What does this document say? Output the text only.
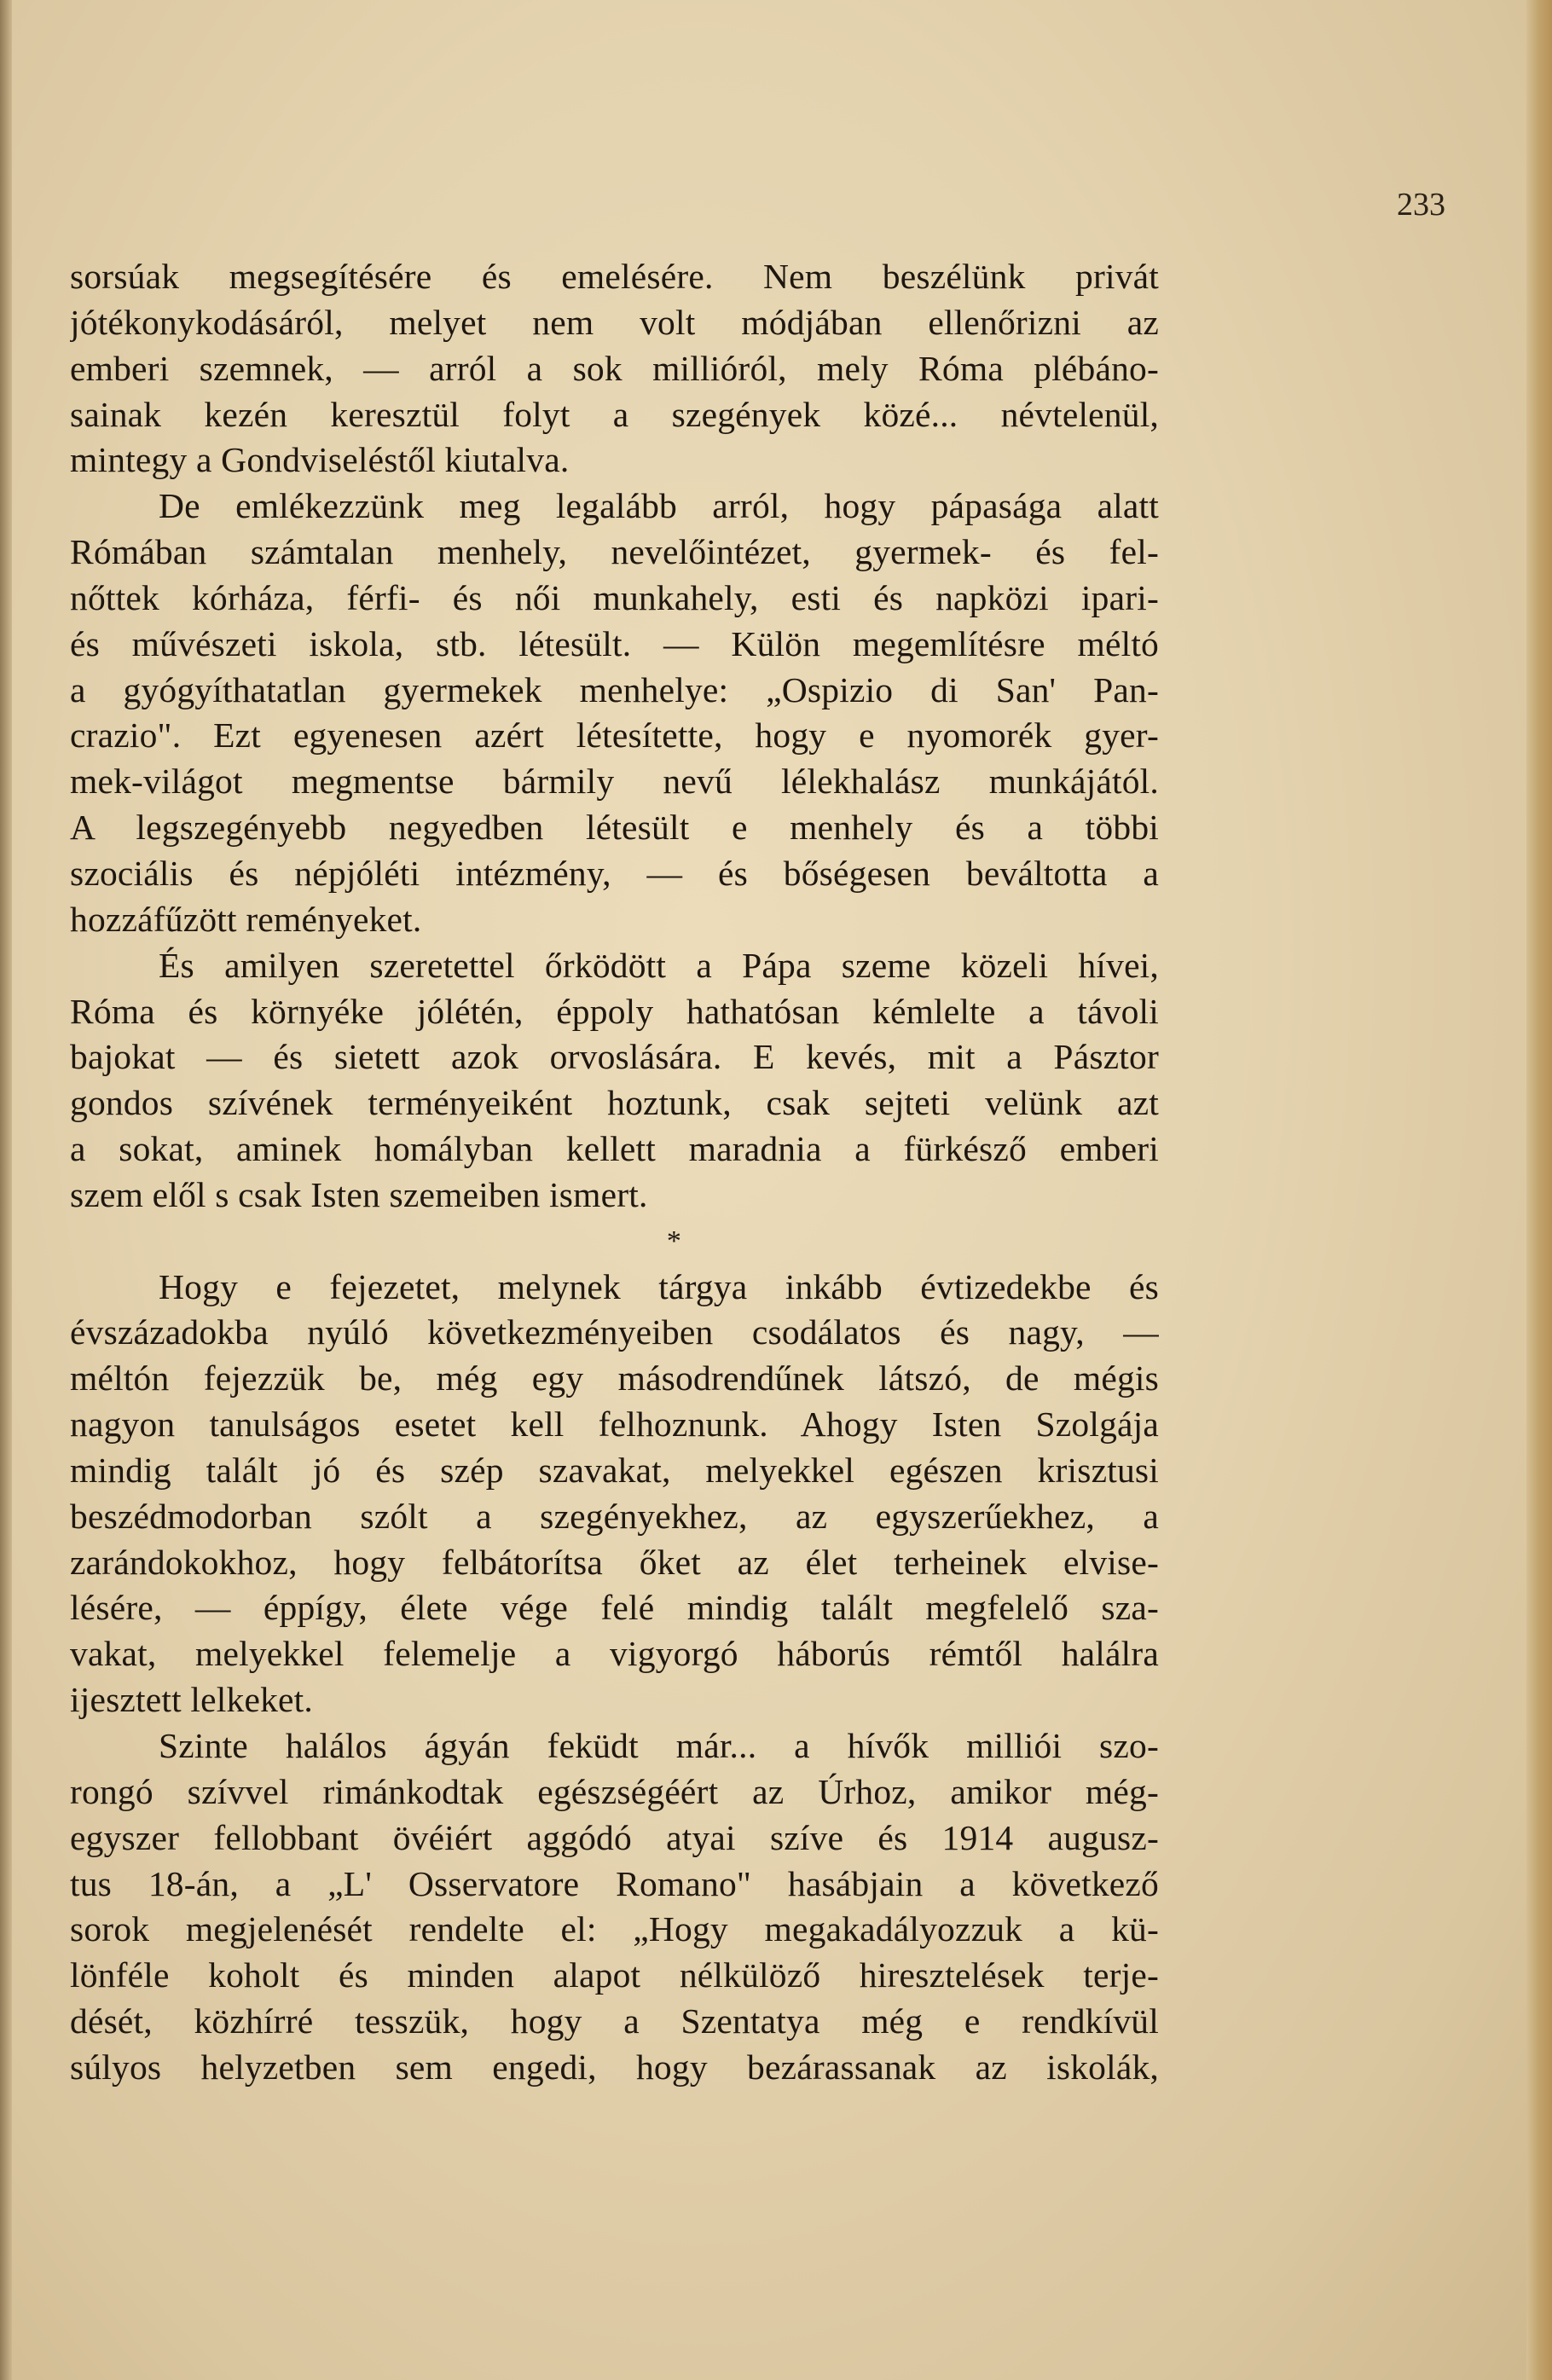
233
sorsúak megsegítésére és emelésére. Nem beszélünk privát
jótékonykodásáról, melyet nem volt módjában ellenőrizni az
emberi szemnek, — arról a sok millióról, mely Róma plébáno-
sainak kezén keresztül folyt a szegények közé... névtelenül,
mintegy a Gondviseléstől kiutalva.
De emlékezzünk meg legalább arról, hogy pápasága alatt
Rómában számtalan menhely, nevelőintézet, gyermek- és fel-
nőttek kórháza, férfi- és női munkahely, esti és napközi ipari-
és művészeti iskola, stb. létesült. — Külön megemlítésre méltó
a gyógyíthatatlan gyermekek menhelye: „Ospizio di San' Pan-
crazio". Ezt egyenesen azért létesítette, hogy e nyomorék gyer-
mek-világot megmentse bármily nevű lélekhalász munkájától.
A legszegényebb negyedben létesült e menhely és a többi
szociális és népjóléti intézmény, — és bőségesen beváltotta a
hozzáfűzött reményeket.
És amilyen szeretettel őrködött a Pápa szeme közeli hívei,
Róma és környéke jólétén, éppoly hathatósan kémlelte a távoli
bajokat — és sietett azok orvoslására. E kevés, mit a Pásztor
gondos szívének terményeiként hoztunk, csak sejteti velünk azt
a sokat, aminek homályban kellett maradnia a fürkésző emberi
szem elől s csak Isten szemeiben ismert.
*
Hogy e fejezetet, melynek tárgya inkább évtizedekbe és
évszázadokba nyúló következményeiben csodálatos és nagy, —
méltón fejezzük be, még egy másodrendűnek látszó, de mégis
nagyon tanulságos esetet kell felhoznunk. Ahogy Isten Szolgája
mindig talált jó és szép szavakat, melyekkel egészen krisztusi
beszédmodorban szólt a szegényekhez, az egyszerűekhez, a
zarándokokhoz, hogy felbátorítsa őket az élet terheinek elvise-
lésére, — éppígy, élete vége felé mindig talált megfelelő sza-
vakat, melyekkel felemelje a vigyorgó háborús rémtől halálra
ijesztett lelkeket.
Szinte halálos ágyán feküdt már... a hívők milliói szo-
rongó szívvel rimánkodtak egészségéért az Úrhoz, amikor még-
egyszer fellobbant övéiért aggódó atyai szíve és 1914 augusz-
tus 18-án, a „L' Osservatore Romano" hasábjain a következő
sorok megjelenését rendelte el: „Hogy megakadályozzuk a kü-
lönféle koholt és minden alapot nélkülöző hiresztelések terje-
dését, közhírré tesszük, hogy a Szentatya még e rendkívül
súlyos helyzetben sem engedi, hogy bezárassanak az iskolák,
